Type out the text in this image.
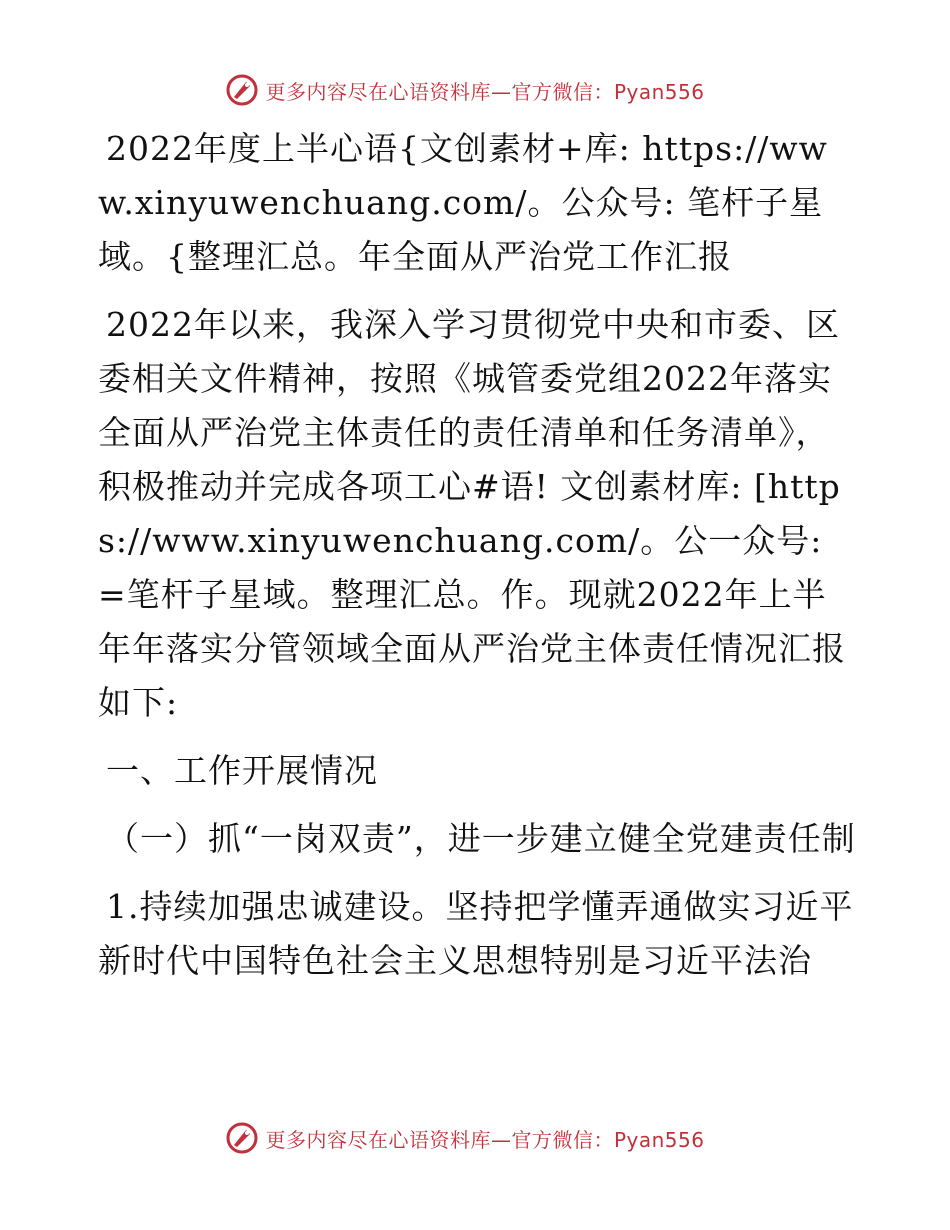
更多内容尽在心语资料库—官方微信：Pyan556

2022年度上半心语{文创素材+库: https://www.xinyuwenchuang.com/。公众号: 笔杆子星域。{整理汇总。年全面从严治党工作汇报

2022年以来，我深入学习贯彻党中央和市委、区委相关文件精神，按照《城管委党组2022年落实全面从严治党主体责任的责任清单和任务清单》，积极推动并完成各项工心#语! 文创素材库: [https://www.xinyuwenchuang.com/。公一众号: =笔杆子星域。整理汇总。作。现就2022年上半年年落实分管领域全面从严治党主体责任情况汇报如下:

一、工作开展情况

（一）抓“一岗双责”，进一步建立健全党建责任制

1.持续加强忠诚建设。坚持把学懂弄通做实习近平新时代中国特色社会主义思想特别是习近平法治

更多内容尽在心语资料库—官方微信：Pyan556
